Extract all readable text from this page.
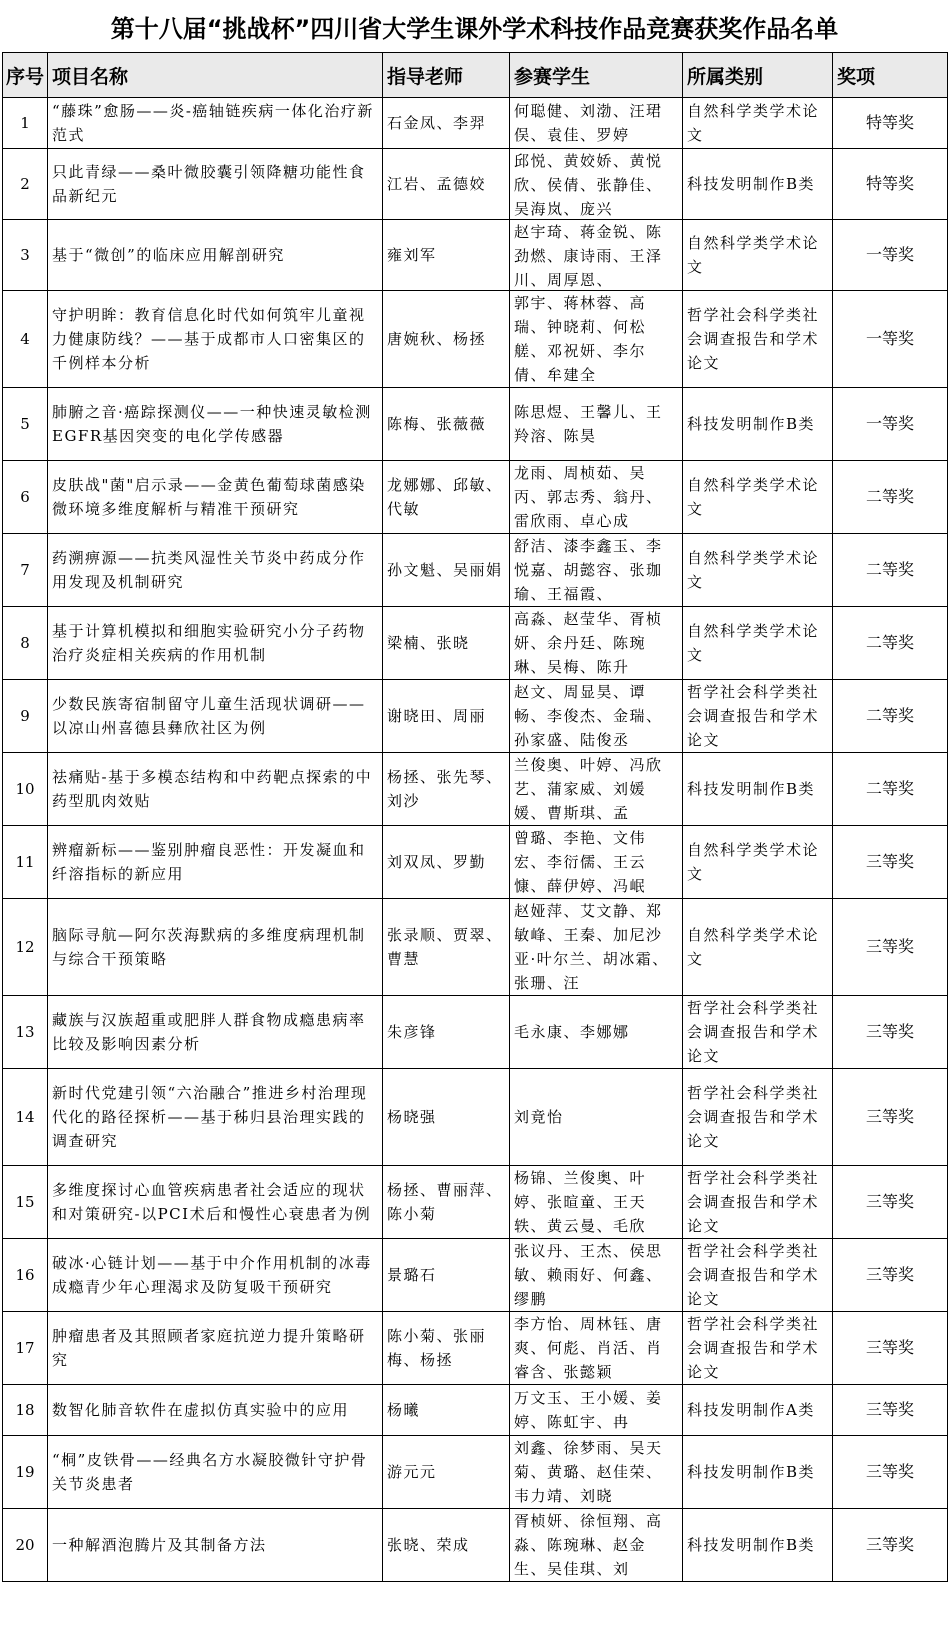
第十八届“挑战杯”四川省大学生课外学术科技作品竞赛获奖作品名单
序号	项目名称	指导老师	参赛学生	所属类别	奖项

1	“藤珠”愈肠——炎-癌轴链疾病一体化治疗新范式	石金凤、李羿	何聪健、刘渤、汪珺俣、袁佳、罗婷	自然科学类学术论文	特等奖

2	只此青绿——桑叶微胶囊引领降糖功能性食品新纪元	江岩、孟德姣	邱悦、黄姣娇、黄悦欣、侯倩、张静佳、吴海岚、庞兴	科技发明制作B类	特等奖

3	基于“微创”的临床应用解剖研究	雍刘军	赵宇琦、蒋金锐、陈劲燃、康诗雨、王泽川、周厚恩、	自然科学类学术论文	一等奖

4	守护明眸：教育信息化时代如何筑牢儿童视力健康防线？——基于成都市人口密集区的千例样本分析	唐婉秋、杨拯	郭宇、蒋林蓉、高瑞、钟晓莉、何松艖、邓祝妍、李尔倩、牟建全	哲学社会科学类社会调查报告和学术论文	一等奖

5	肺腑之音·癌踪探测仪——一种快速灵敏检测EGFR基因突变的电化学传感器	陈梅、张薇薇	陈思煜、王馨儿、王羚溶、陈昊	科技发明制作B类	一等奖

6	皮肤战"菌"启示录——金黄色葡萄球菌感染微环境多维度解析与精准干预研究	龙娜娜、邱敏、代敏	龙雨、周桢茹、吴丙、郭志秀、翁丹、雷欣雨、卓心成	自然科学类学术论文	二等奖

7	药溯痹源——抗类风湿性关节炎中药成分作用发现及机制研究	孙文魁、吴丽娟	舒洁、漆李鑫玉、李悦嘉、胡懿容、张珈瑜、王福霞、	自然科学类学术论文	二等奖

8	基于计算机模拟和细胞实验研究小分子药物治疗炎症相关疾病的作用机制	梁楠、张晓	高淼、赵莹华、胥桢妍、余丹廷、陈琬琳、吴梅、陈升	自然科学类学术论文	二等奖

9	少数民族寄宿制留守儿童生活现状调研——以凉山州喜德县彝欣社区为例	谢晓田、周丽	赵文、周显昊、谭畅、李俊杰、金瑞、孙家盛、陆俊丞	哲学社会科学类社会调查报告和学术论文	二等奖

10	祛痛贴-基于多模态结构和中药靶点探索的中药型肌肉效贴	杨拯、张先琴、刘沙	兰俊奥、叶婷、冯欣艺、蒲家威、刘媛媛、曹斯琪、孟	科技发明制作B类	二等奖

11	辨瘤新标——鉴别肿瘤良恶性：开发凝血和纤溶指标的新应用	刘双凤、罗勤	曾璐、李艳、文伟宏、李衍儒、王云慷、薛伊婷、冯岷	自然科学类学术论文	三等奖

12	脑际寻航—阿尔茨海默病的多维度病理机制与综合干预策略	张录顺、贾翠、曹慧	赵娅萍、艾文静、郑敏峰、王秦、加尼沙亚·叶尔兰、胡冰霜、张珊、汪	自然科学类学术论文	三等奖

13	藏族与汉族超重或肥胖人群食物成瘾患病率比较及影响因素分析	朱彦锋	毛永康、李娜娜	哲学社会科学类社会调查报告和学术论文	三等奖

14	新时代党建引领“六治融合”推进乡村治理现代化的路径探析——基于秭归县治理实践的调查研究	杨晓强	刘竟怡	哲学社会科学类社会调查报告和学术论文	三等奖

15	多维度探讨心血管疾病患者社会适应的现状和对策研究-以PCI术后和慢性心衰患者为例	杨拯、曹丽萍、陈小菊	杨锦、兰俊奥、叶婷、张暄童、王天轶、黄云曼、毛欣	哲学社会科学类社会调查报告和学术论文	三等奖

16	破冰·心链计划——基于中介作用机制的冰毒成瘾青少年心理渴求及防复吸干预研究	景璐石	张议丹、王杰、侯思敏、赖雨好、何鑫、缪鹏	哲学社会科学类社会调查报告和学术论文	三等奖

17	肿瘤患者及其照顾者家庭抗逆力提升策略研究	陈小菊、张丽梅、杨拯	李方怡、周林钰、唐爽、何彪、肖活、肖睿含、张懿颖	哲学社会科学类社会调查报告和学术论文	三等奖

18	数智化肺音软件在虚拟仿真实验中的应用	杨曦	万文玉、王小媛、姜婷、陈虹宇、冉	科技发明制作A类	三等奖

19	“桐”皮铁骨——经典名方水凝胶微针守护骨关节炎患者	游元元	刘鑫、徐梦雨、吴天菊、黄璐、赵佳荣、韦力靖、刘晓	科技发明制作B类	三等奖

20	一种解酒泡腾片及其制备方法	张晓、荣成	胥桢妍、徐恒翔、高淼、陈琬琳、赵金生、吴佳琪、刘	科技发明制作B类	三等奖
